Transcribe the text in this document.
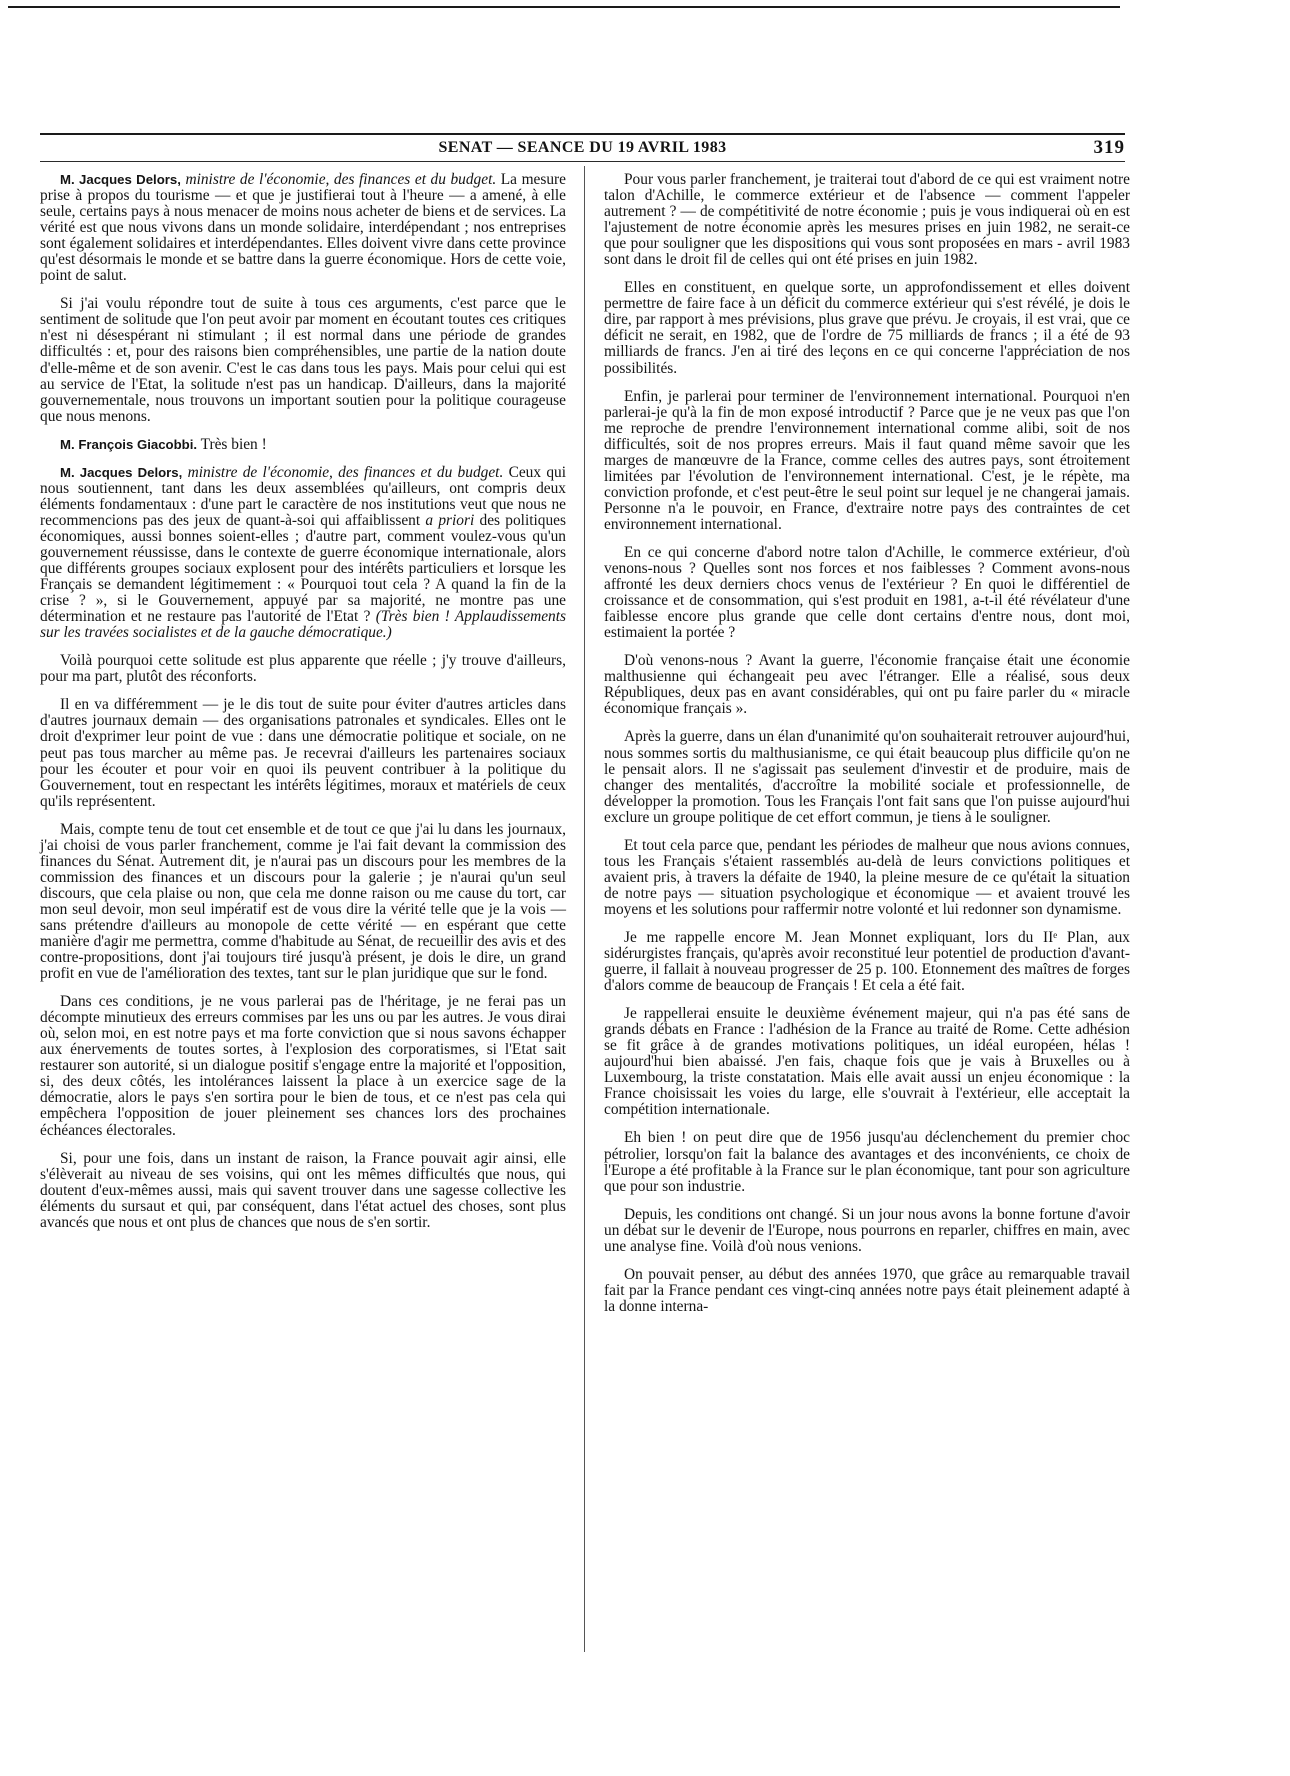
SENAT — SEANCE DU 19 AVRIL 1983	319

M. Jacques Delors, ministre de l'économie, des finances et du budget. La mesure prise à propos du tourisme — et que je justifierai tout à l'heure — a amené, à elle seule, certains pays à nous menacer de moins nous acheter de biens et de services. La vérité est que nous vivons dans un monde solidaire, interdépendant ; nos entreprises sont également solidaires et interdépendantes. Elles doivent vivre dans cette province qu'est désormais le monde et se battre dans la guerre économique. Hors de cette voie, point de salut.

Si j'ai voulu répondre tout de suite à tous ces arguments, c'est parce que le sentiment de solitude que l'on peut avoir par moment en écoutant toutes ces critiques n'est ni désespérant ni stimulant ; il est normal dans une période de grandes difficultés : et, pour des raisons bien compréhensibles, une partie de la nation doute d'elle-même et de son avenir. C'est le cas dans tous les pays. Mais pour celui qui est au service de l'Etat, la solitude n'est pas un handicap. D'ailleurs, dans la majorité gouvernementale, nous trouvons un important soutien pour la politique courageuse que nous menons.

M. François Giacobbi. Très bien !

M. Jacques Delors, ministre de l'économie, des finances et du budget. Ceux qui nous soutiennent, tant dans les deux assemblées qu'ailleurs, ont compris deux éléments fondamentaux : d'une part le caractère de nos institutions veut que nous ne recommencions pas des jeux de quant-à-soi qui affaiblissent a priori des politiques économiques, aussi bonnes soient-elles ; d'autre part, comment voulez-vous qu'un gouvernement réussisse, dans le contexte de guerre économique internationale, alors que différents groupes sociaux explosent pour des intérêts particuliers et lorsque les Français se demandent légitimement : « Pourquoi tout cela ? A quand la fin de la crise ? », si le Gouvernement, appuyé par sa majorité, ne montre pas une détermination et ne restaure pas l'autorité de l'Etat ? (Très bien ! Applaudissements sur les travées socialistes et de la gauche démocratique.)

Voilà pourquoi cette solitude est plus apparente que réelle ; j'y trouve d'ailleurs, pour ma part, plutôt des réconforts.

Il en va différemment — je le dis tout de suite pour éviter d'autres articles dans d'autres journaux demain — des organisations patronales et syndicales. Elles ont le droit d'exprimer leur point de vue : dans une démocratie politique et sociale, on ne peut pas tous marcher au même pas. Je recevrai d'ailleurs les partenaires sociaux pour les écouter et pour voir en quoi ils peuvent contribuer à la politique du Gouvernement, tout en respectant les intérêts légitimes, moraux et matériels de ceux qu'ils représentent.

Mais, compte tenu de tout cet ensemble et de tout ce que j'ai lu dans les journaux, j'ai choisi de vous parler franchement, comme je l'ai fait devant la commission des finances du Sénat. Autrement dit, je n'aurai pas un discours pour les membres de la commission des finances et un discours pour la galerie ; je n'aurai qu'un seul discours, que cela plaise ou non, que cela me donne raison ou me cause du tort, car mon seul devoir, mon seul impératif est de vous dire la vérité telle que je la vois — sans prétendre d'ailleurs au monopole de cette vérité — en espérant que cette manière d'agir me permettra, comme d'habitude au Sénat, de recueillir des avis et des contre-propositions, dont j'ai toujours tiré jusqu'à présent, je dois le dire, un grand profit en vue de l'amélioration des textes, tant sur le plan juridique que sur le fond.

Dans ces conditions, je ne vous parlerai pas de l'héritage, je ne ferai pas un décompte minutieux des erreurs commises par les uns ou par les autres. Je vous dirai où, selon moi, en est notre pays et ma forte conviction que si nous savons échapper aux énervements de toutes sortes, à l'explosion des corporatismes, si l'Etat sait restaurer son autorité, si un dialogue positif s'engage entre la majorité et l'opposition, si, des deux côtés, les intolérances laissent la place à un exercice sage de la démocratie, alors le pays s'en sortira pour le bien de tous, et ce n'est pas cela qui empêchera l'opposition de jouer pleinement ses chances lors des prochaines échéances électorales.

Si, pour une fois, dans un instant de raison, la France pouvait agir ainsi, elle s'élèverait au niveau de ses voisins, qui ont les mêmes difficultés que nous, qui doutent d'eux-mêmes aussi, mais qui savent trouver dans une sagesse collective les éléments du sursaut et qui, par conséquent, dans l'état actuel des choses, sont plus avancés que nous et ont plus de chances que nous de s'en sortir.

Pour vous parler franchement, je traiterai tout d'abord de ce qui est vraiment notre talon d'Achille, le commerce extérieur et de l'absence — comment l'appeler autrement ? — de compétitivité de notre économie ; puis je vous indiquerai où en est l'ajustement de notre économie après les mesures prises en juin 1982, ne serait-ce que pour souligner que les dispositions qui vous sont proposées en mars - avril 1983 sont dans le droit fil de celles qui ont été prises en juin 1982.

Elles en constituent, en quelque sorte, un approfondissement et elles doivent permettre de faire face à un déficit du commerce extérieur qui s'est révélé, je dois le dire, par rapport à mes prévisions, plus grave que prévu. Je croyais, il est vrai, que ce déficit ne serait, en 1982, que de l'ordre de 75 milliards de francs ; il a été de 93 milliards de francs. J'en ai tiré des leçons en ce qui concerne l'appréciation de nos possibilités.

Enfin, je parlerai pour terminer de l'environnement international. Pourquoi n'en parlerai-je qu'à la fin de mon exposé introductif ? Parce que je ne veux pas que l'on me reproche de prendre l'environnement international comme alibi, soit de nos difficultés, soit de nos propres erreurs. Mais il faut quand même savoir que les marges de manœuvre de la France, comme celles des autres pays, sont étroitement limitées par l'évolution de l'environnement international. C'est, je le répète, ma conviction profonde, et c'est peut-être le seul point sur lequel je ne changerai jamais. Personne n'a le pouvoir, en France, d'extraire notre pays des contraintes de cet environnement international.

En ce qui concerne d'abord notre talon d'Achille, le commerce extérieur, d'où venons-nous ? Quelles sont nos forces et nos faiblesses ? Comment avons-nous affronté les deux derniers chocs venus de l'extérieur ? En quoi le différentiel de croissance et de consommation, qui s'est produit en 1981, a-t-il été révélateur d'une faiblesse encore plus grande que celle dont certains d'entre nous, dont moi, estimaient la portée ?

D'où venons-nous ? Avant la guerre, l'économie française était une économie malthusienne qui échangeait peu avec l'étranger. Elle a réalisé, sous deux Républiques, deux pas en avant considérables, qui ont pu faire parler du « miracle économique français ».

Après la guerre, dans un élan d'unanimité qu'on souhaiterait retrouver aujourd'hui, nous sommes sortis du malthusianisme, ce qui était beaucoup plus difficile qu'on ne le pensait alors. Il ne s'agissait pas seulement d'investir et de produire, mais de changer des mentalités, d'accroître la mobilité sociale et professionnelle, de développer la promotion. Tous les Français l'ont fait sans que l'on puisse aujourd'hui exclure un groupe politique de cet effort commun, je tiens à le souligner.

Et tout cela parce que, pendant les périodes de malheur que nous avions connues, tous les Français s'étaient rassemblés au-delà de leurs convictions politiques et avaient pris, à travers la défaite de 1940, la pleine mesure de ce qu'était la situation de notre pays — situation psychologique et économique — et avaient trouvé les moyens et les solutions pour raffermir notre volonté et lui redonner son dynamisme.

Je me rappelle encore M. Jean Monnet expliquant, lors du IIᵉ Plan, aux sidérurgistes français, qu'après avoir reconstitué leur potentiel de production d'avant-guerre, il fallait à nouveau progresser de 25 p. 100. Etonnement des maîtres de forges d'alors comme de beaucoup de Français ! Et cela a été fait.

Je rappellerai ensuite le deuxième événement majeur, qui n'a pas été sans de grands débats en France : l'adhésion de la France au traité de Rome. Cette adhésion se fit grâce à de grandes motivations politiques, un idéal européen, hélas ! aujourd'hui bien abaissé. J'en fais, chaque fois que je vais à Bruxelles ou à Luxembourg, la triste constatation. Mais elle avait aussi un enjeu économique : la France choisissait les voies du large, elle s'ouvrait à l'extérieur, elle acceptait la compétition internationale.

Eh bien ! on peut dire que de 1956 jusqu'au déclenchement du premier choc pétrolier, lorsqu'on fait la balance des avantages et des inconvénients, ce choix de l'Europe a été profitable à la France sur le plan économique, tant pour son agriculture que pour son industrie.

Depuis, les conditions ont changé. Si un jour nous avons la bonne fortune d'avoir un débat sur le devenir de l'Europe, nous pourrons en reparler, chiffres en main, avec une analyse fine. Voilà d'où nous venions.

On pouvait penser, au début des années 1970, que grâce au remarquable travail fait par la France pendant ces vingt-cinq années notre pays était pleinement adapté à la donne interna-
